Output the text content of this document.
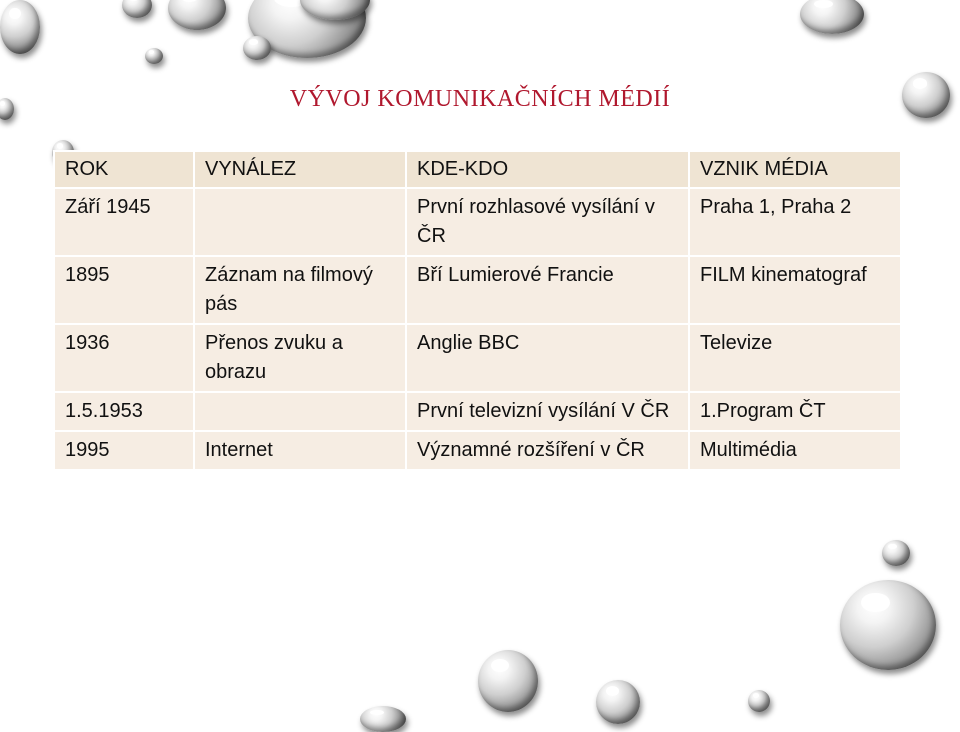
VÝVOJ KOMUNIKAČNÍCH MÉDIÍ
ROK	VYNÁLEZ	KDE-KDO	VZNIK MÉDIA
Září 1945		První rozhlasové vysílání v ČR	Praha 1, Praha 2
1895	Záznam na filmový pás	Bří Lumierové Francie	FILM kinematograf
1936	Přenos zvuku a obrazu	Anglie BBC	Televize
1.5.1953		První televizní vysílání V ČR	1.Program ČT
1995	Internet	Významné rozšíření v ČR	Multimédia
